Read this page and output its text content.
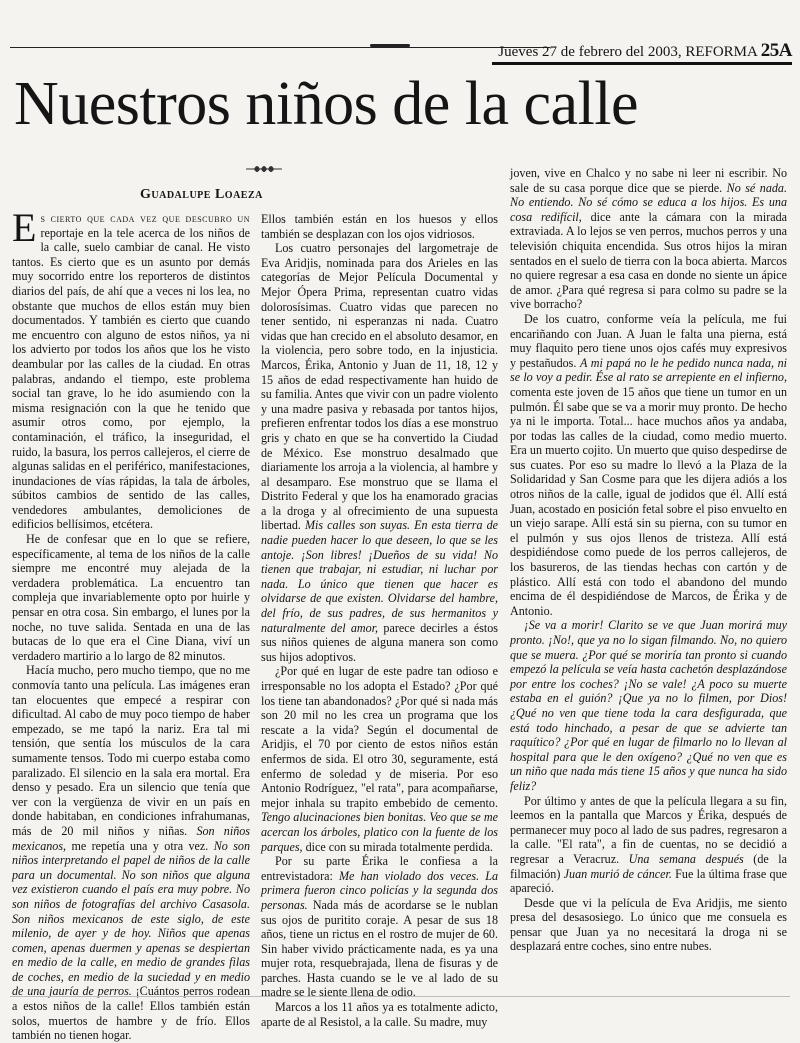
Jueves 27 de febrero del 2003, REFORMA 25A
Nuestros niños de la calle
Guadalupe Loaeza

Es cierto que cada vez que descubro un reportaje en la tele acerca de los niños de la calle, suelo cambiar de canal. He visto tantos. Es cierto que es un asunto por demás muy socorrido entre los reporteros de distintos diarios del país, de ahí que a veces ni los lea, no obstante que muchos de ellos están muy bien documentados. Y también es cierto que cuando me encuentro con alguno de estos niños, ya ni los advierto por todos los años que los he visto deambular por las calles de la ciudad. En otras palabras, andando el tiempo, este problema social tan grave, lo he ido asumiendo con la misma resignación con la que he tenido que asumir otros como, por ejemplo, la contaminación, el tráfico, la inseguridad, el ruido, la basura, los perros callejeros, el cierre de algunas salidas en el periférico, manifestaciones, inundaciones de vías rápidas, la tala de árboles, súbitos cambios de sentido de las calles, vendedores ambulantes, demoliciones de edificios bellísimos, etcétera.

He de confesar que en lo que se refiere, específicamente, al tema de los niños de la calle siempre me encontré muy alejada de la verdadera problemática. La encuentro tan compleja que invariablemente opto por huirle y pensar en otra cosa. Sin embargo, el lunes por la noche, no tuve salida. Sentada en una de las butacas de lo que era el Cine Diana, viví un verdadero martirio a lo largo de 82 minutos.

Hacía mucho, pero mucho tiempo, que no me conmovía tanto una película. Las imágenes eran tan elocuentes que empecé a respirar con dificultad. Al cabo de muy poco tiempo de haber empezado, se me tapó la nariz. Era tal mi tensión, que sentía los músculos de la cara sumamente tensos. Todo mi cuerpo estaba como paralizado. El silencio en la sala era mortal. Era denso y pesado. Era un silencio que tenía que ver con la vergüenza de vivir en un país en donde habitaban, en condiciones infrahumanas, más de 20 mil niños y niñas. Son niños mexicanos, me repetía una y otra vez. No son niños interpretando el papel de niños de la calle para un documental. No son niños que alguna vez existieron cuando el país era muy pobre. No son niños de fotografías del archivo Casasola. Son niños mexicanos de este siglo, de este milenio, de ayer y de hoy. Niños que apenas comen, apenas duermen y apenas se despiertan en medio de la calle, en medio de grandes filas de coches, en medio de la suciedad y en medio de una jauría de perros. ¡Cuántos perros rodean a estos niños de la calle! Ellos también están solos, muertos de hambre y de frío. Ellos también no tienen hogar.

Ellos también están en los huesos y ellos también se desplazan con los ojos vidriosos.

Los cuatro personajes del largometraje de Eva Aridjis, nominada para dos Arieles en las categorías de Mejor Película Documental y Mejor Ópera Prima, representan cuatro vidas dolorosísimas. Cuatro vidas que parecen no tener sentido, ni esperanzas ni nada. Cuatro vidas que han crecido en el absoluto desamor, en la violencia, pero sobre todo, en la injusticia. Marcos, Érika, Antonio y Juan de 11, 18, 12 y 15 años de edad respectivamente han huido de su familia. Antes que vivir con un padre violento y una madre pasiva y rebasada por tantos hijos, prefieren enfrentar todos los días a ese monstruo gris y chato en que se ha convertido la Ciudad de México. Ese monstruo desalmado que diariamente los arroja a la violencia, al hambre y al desamparo. Ese monstruo que se llama el Distrito Federal y que los ha enamorado gracias a la droga y al ofrecimiento de una supuesta libertad. Mis calles son suyas. En esta tierra de nadie pueden hacer lo que deseen, lo que se les antoje. ¡Son libres! ¡Dueños de su vida! No tienen que trabajar, ni estudiar, ni luchar por nada. Lo único que tienen que hacer es olvidarse de que existen. Olvidarse del hambre, del frío, de sus padres, de sus hermanitos y naturalmente del amor, parece decirles a éstos sus niños quienes de alguna manera son como sus hijos adoptivos.

¿Por qué en lugar de este padre tan odioso e irresponsable no los adopta el Estado? ¿Por qué los tiene tan abandonados? ¿Por qué si nada más son 20 mil no les crea un programa que los rescate a la vida? Según el documental de Aridjis, el 70 por ciento de estos niños están enfermos de sida. El otro 30, seguramente, está enfermo de soledad y de miseria. Por eso Antonio Rodríguez, "el rata", para acompañarse, mejor inhala su trapito embebido de cemento. Tengo alucinaciones bien bonitas. Veo que se me acercan los árboles, platico con la fuente de los parques, dice con su mirada totalmente perdida.

Por su parte Érika le confiesa a la entrevistadora: Me han violado dos veces. La primera fueron cinco policías y la segunda dos personas. Nada más de acordarse se le nublan sus ojos de puritito coraje. A pesar de sus 18 años, tiene un rictus en el rostro de mujer de 60. Sin haber vivido prácticamente nada, es ya una mujer rota, resquebrajada, llena de fisuras y de parches. Hasta cuando se le ve al lado de su madre se le siente llena de odio.

Marcos a los 11 años ya es totalmente adicto, aparte de al Resistol, a la calle. Su madre, muy

joven, vive en Chalco y no sabe ni leer ni escribir. No sale de su casa porque dice que se pierde. No sé nada. No entiendo. No sé cómo se educa a los hijos. Es una cosa redifícil, dice ante la cámara con la mirada extraviada. A lo lejos se ven perros, muchos perros y una televisión chiquita encendida. Sus otros hijos la miran sentados en el suelo de tierra con la boca abierta. Marcos no quiere regresar a esa casa en donde no siente un ápice de amor. ¿Para qué regresa si para colmo su padre se la vive borracho?

De los cuatro, conforme veía la película, me fui encariñando con Juan. A Juan le falta una pierna, está muy flaquito pero tiene unos ojos cafés muy expresivos y pestañudos. A mi papá no le he pedido nunca nada, ni se lo voy a pedir. Ése al rato se arrepiente en el infierno, comenta este joven de 15 años que tiene un tumor en un pulmón. Él sabe que se va a morir muy pronto. De hecho ya ni le importa. Total... hace muchos años ya andaba, por todas las calles de la ciudad, como medio muerto. Era un muerto cojito. Un muerto que quiso despedirse de sus cuates. Por eso su madre lo llevó a la Plaza de la Solidaridad y San Cosme para que les dijera adiós a los otros niños de la calle, igual de jodidos que él. Allí está Juan, acostado en posición fetal sobre el piso envuelto en un viejo sarape. Allí está sin su pierna, con su tumor en el pulmón y sus ojos llenos de tristeza. Allí está despidiéndose como puede de los perros callejeros, de los basureros, de las tiendas hechas con cartón y de plástico. Allí está con todo el abandono del mundo encima de él despidiéndose de Marcos, de Érika y de Antonio.

¡Se va a morir! Clarito se ve que Juan morirá muy pronto. ¡No!, que ya no lo sigan filmando. No, no quiero que se muera. ¿Por qué se moriría tan pronto si cuando empezó la película se veía hasta cachetón desplazándose por entre los coches? ¡No se vale! ¿A poco su muerte estaba en el guión? ¡Que ya no lo filmen, por Dios! ¿Qué no ven que tiene toda la cara desfigurada, que está todo hinchado, a pesar de que se advierte tan raquítico? ¿Por qué en lugar de filmarlo no lo llevan al hospital para que le den oxígeno? ¿Qué no ven que es un niño que nada más tiene 15 años y que nunca ha sido feliz?

Por último y antes de que la película llegara a su fin, leemos en la pantalla que Marcos y Érika, después de permanecer muy poco al lado de sus padres, regresaron a la calle. "El rata", a fin de cuentas, no se decidió a regresar a Veracruz. Una semana después (de la filmación) Juan murió de cáncer. Fue la última frase que apareció.

Desde que vi la película de Eva Aridjis, me siento presa del desasosiego. Lo único que me consuela es pensar que Juan ya no necesitará la droga ni se desplazará entre coches, sino entre nubes.
